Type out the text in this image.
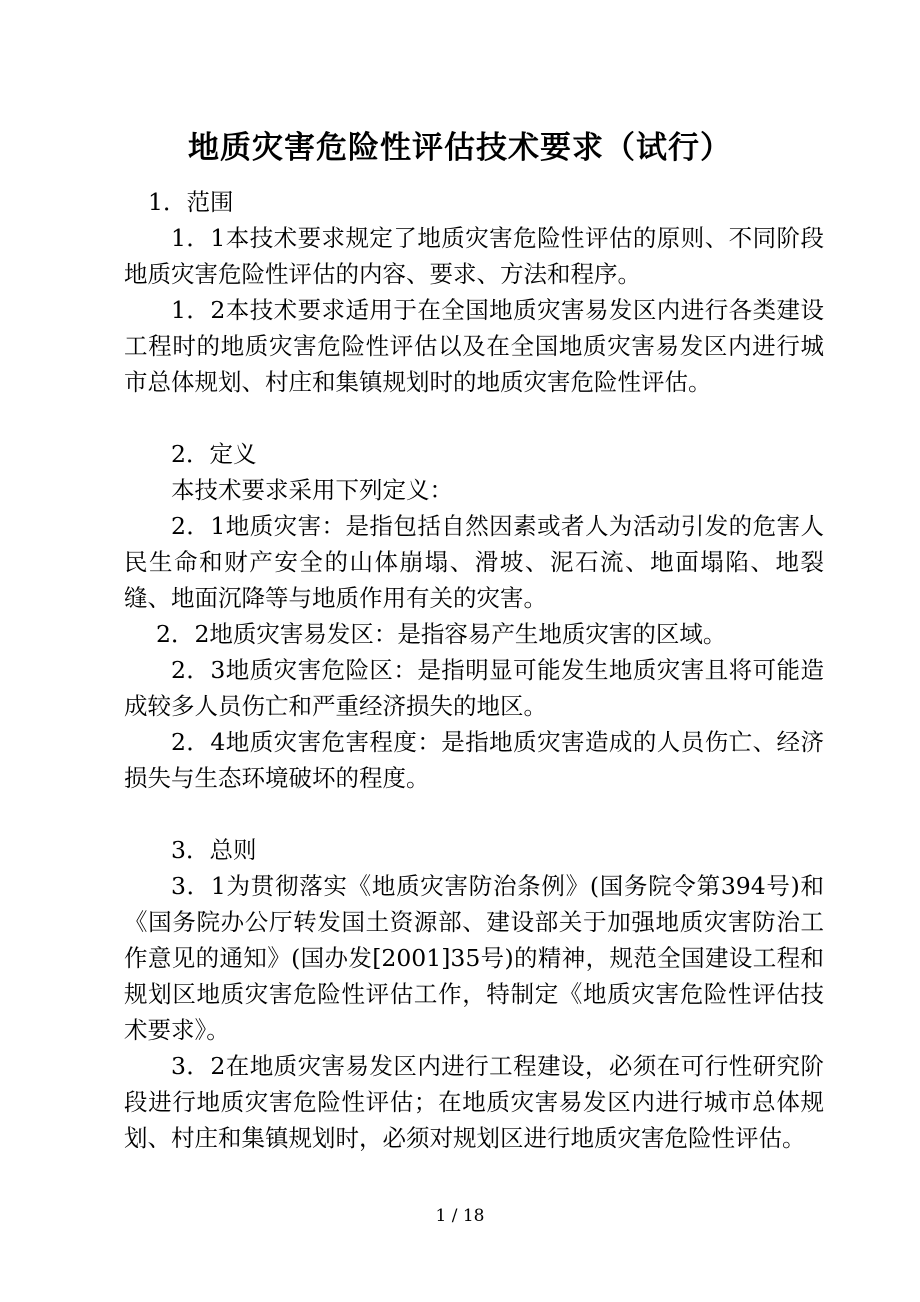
地质灾害危险性评估技术要求（试行）

1．范围

1．1本技术要求规定了地质灾害危险性评估的原则、不同阶段地质灾害危险性评估的内容、要求、方法和程序。

1．2本技术要求适用于在全国地质灾害易发区内进行各类建设工程时的地质灾害危险性评估以及在全国地质灾害易发区内进行城市总体规划、村庄和集镇规划时的地质灾害危险性评估。

2．定义

本技术要求采用下列定义：

2．1地质灾害：是指包括自然因素或者人为活动引发的危害人民生命和财产安全的山体崩塌、滑坡、泥石流、地面塌陷、地裂缝、地面沉降等与地质作用有关的灾害。

2．2地质灾害易发区：是指容易产生地质灾害的区域。

2．3地质灾害危险区：是指明显可能发生地质灾害且将可能造成较多人员伤亡和严重经济损失的地区。

2．4地质灾害危害程度：是指地质灾害造成的人员伤亡、经济损失与生态环境破坏的程度。

3．总则

3．1为贯彻落实《地质灾害防治条例》(国务院令第394号)和《国务院办公厅转发国土资源部、建设部关于加强地质灾害防治工作意见的通知》(国办发[2001]35号)的精神，规范全国建设工程和规划区地质灾害危险性评估工作，特制定《地质灾害危险性评估技术要求》。

3．2在地质灾害易发区内进行工程建设，必须在可行性研究阶段进行地质灾害危险性评估；在地质灾害易发区内进行城市总体规划、村庄和集镇规划时，必须对规划区进行地质灾害危险性评估。

1 / 18
